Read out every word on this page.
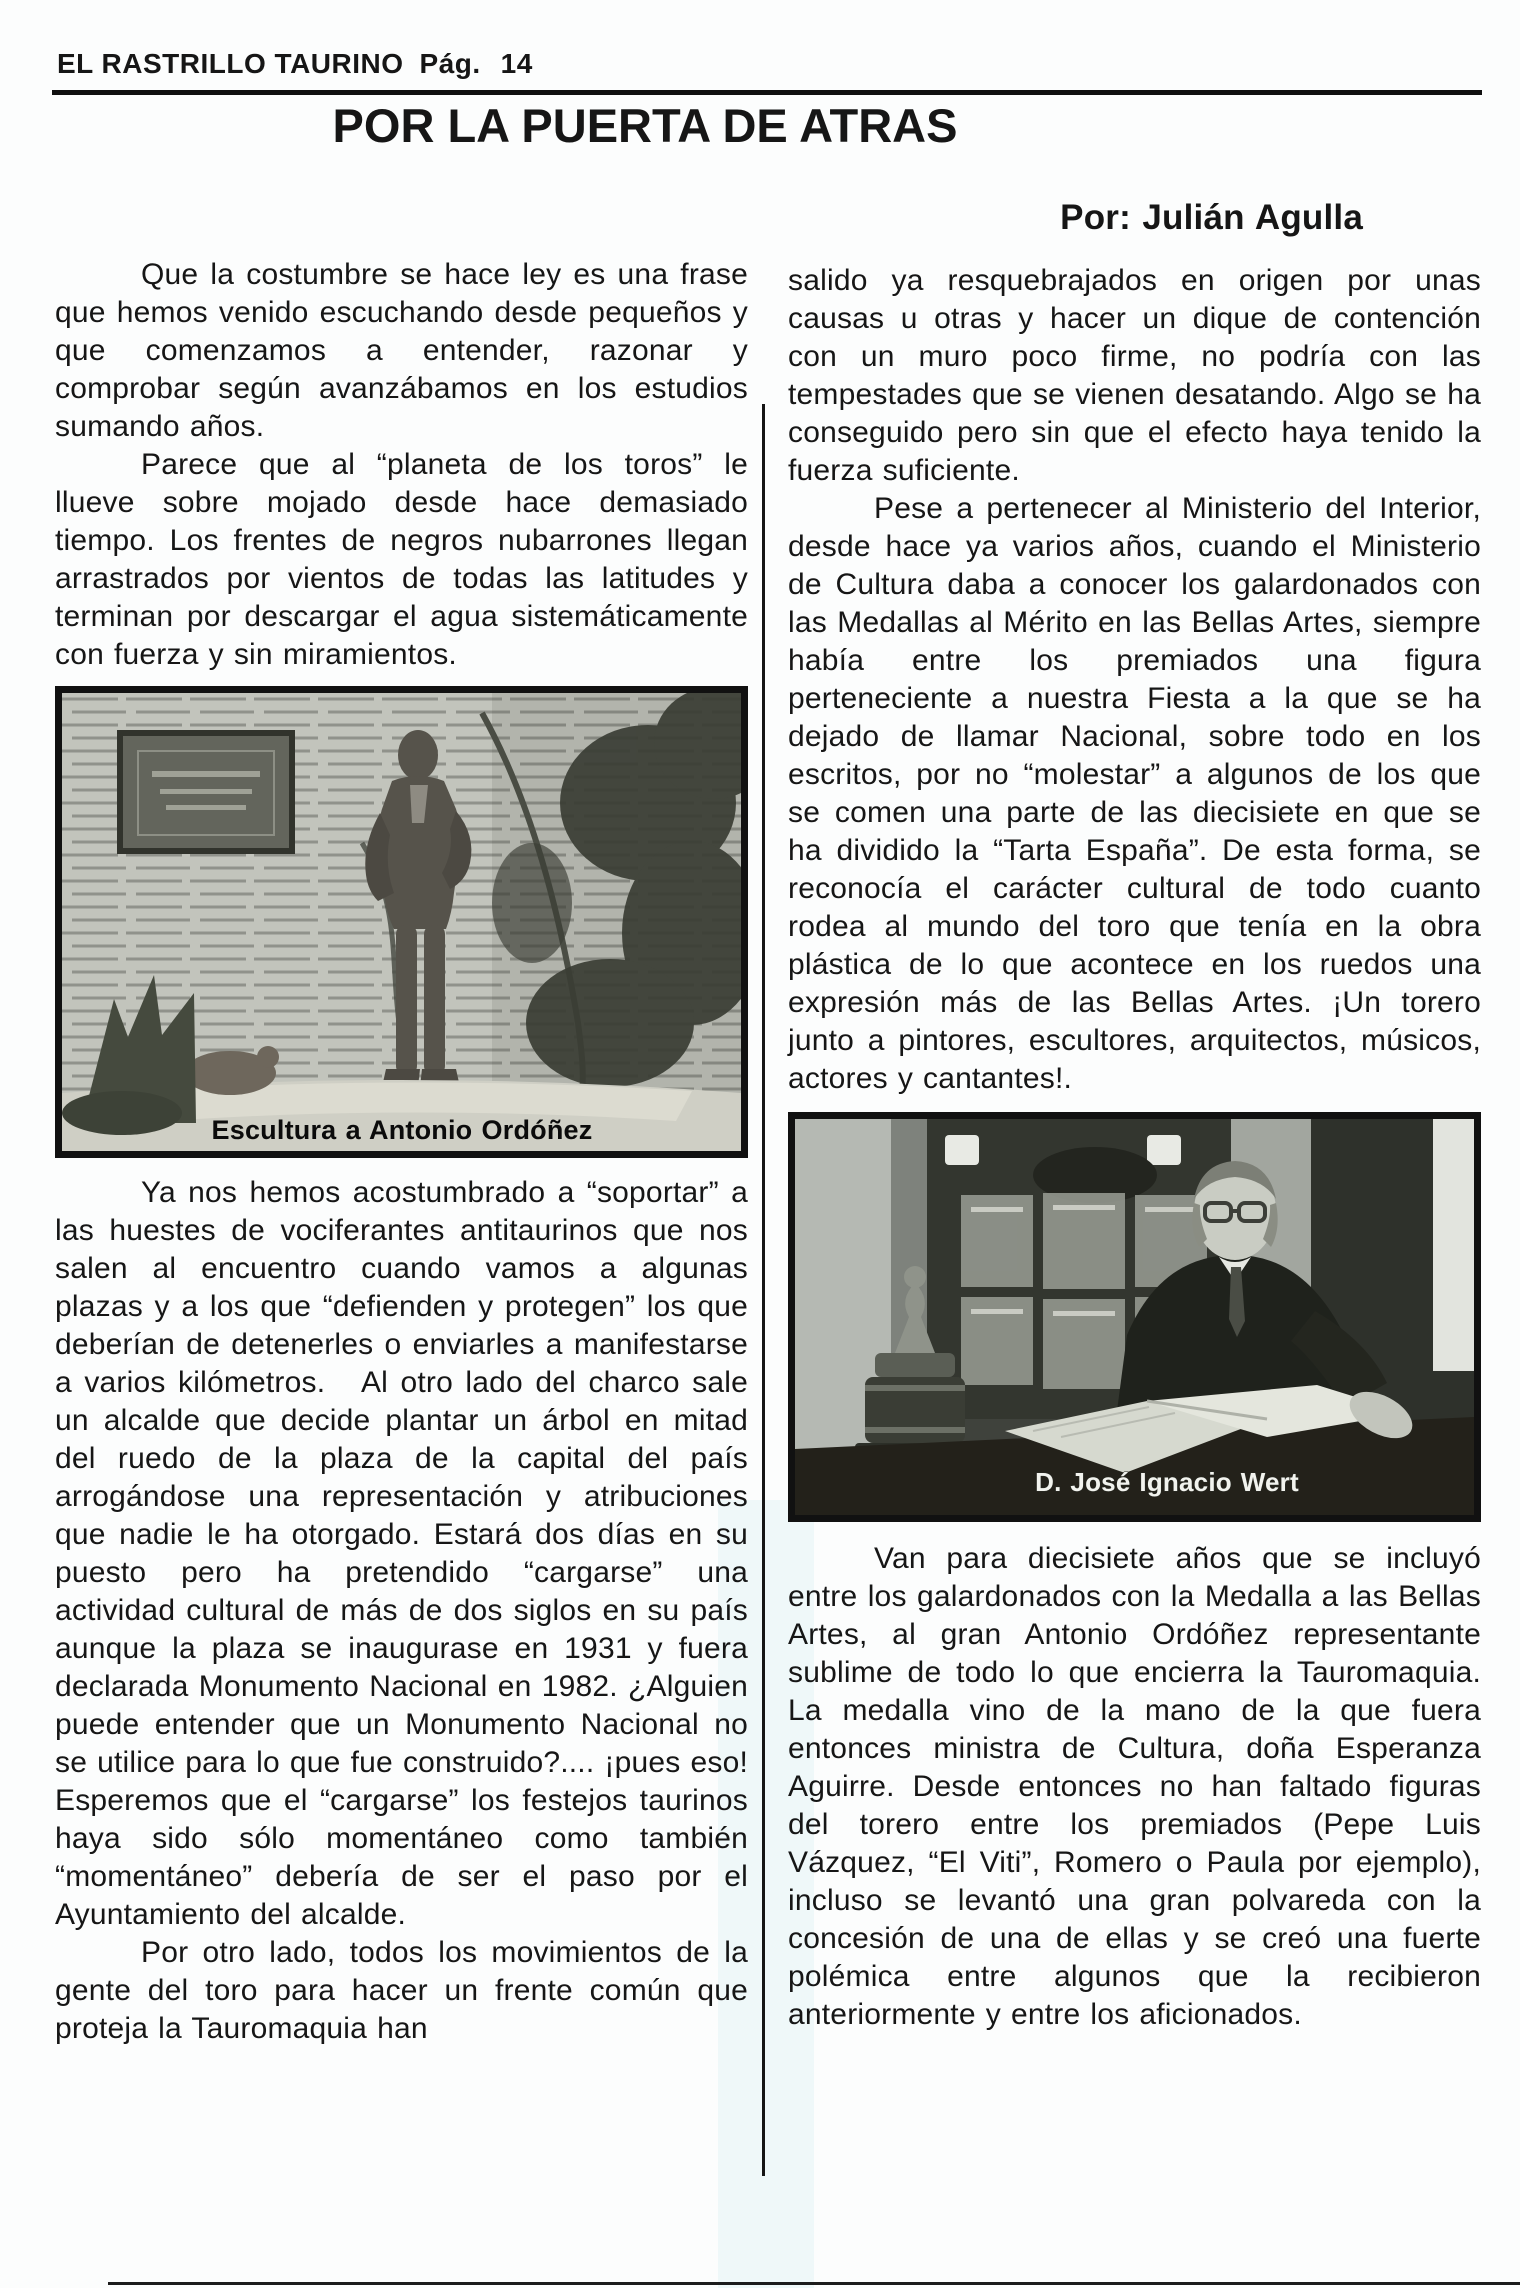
EL RASTRILLO TAURINO Pág. 14
POR LA PUERTA DE ATRAS

Que la costumbre se hace ley es una frase que hemos venido escuchando desde pequeños y que comenzamos a entender, razonar y comprobar según avanzábamos en los estudios sumando años.

Parece que al “planeta de los toros” le llueve sobre mojado desde hace demasiado tiempo. Los frentes de negros nubarrones llegan arrastrados por vientos de todas las latitudes y terminan por descargar el agua sistemáticamente con fuerza y sin miramientos.

Escultura a Antonio Ordóñez

Ya nos hemos acostumbrado a “soportar” a las huestes de vociferantes antitaurinos que nos salen al encuentro cuando vamos a algunas plazas y a los que “defienden y protegen” los que deberían de detenerles o enviarles a manifestarse a varios kilómetros.   Al otro lado del charco sale un alcalde que decide plantar un árbol en mitad del ruedo de la plaza de la capital del país arrogándose una representación y atribuciones que nadie le ha otorgado. Estará dos días en su puesto pero ha pretendido “cargarse” una actividad cultural de más de dos siglos en su país aunque la plaza se inaugurase en 1931 y fuera declarada Monumento Nacional en 1982. ¿Alguien puede entender que un Monumento Nacional no se utilice para lo que fue construido?.... ¡pues eso! Esperemos que el “cargarse” los festejos taurinos haya sido sólo momentáneo como también “momentáneo” debería de ser el paso por el Ayuntamiento del alcalde.

Por otro lado, todos los movimientos de la gente del toro para hacer un frente común que proteja la Tauromaquia han

Por: Julián Agulla

salido ya resquebrajados en origen por unas causas u otras y hacer un dique de contención con un muro poco firme, no podría con las tempestades que se vienen desatando. Algo se ha conseguido pero sin que el efecto haya tenido la fuerza suficiente.

Pese a pertenecer al Ministerio del Interior, desde hace ya varios años, cuando el Ministerio de Cultura daba a conocer los galardonados con las Medallas al Mérito en las Bellas Artes, siempre había entre los premiados una figura perteneciente a nuestra Fiesta a la que se ha dejado de llamar Nacional, sobre todo en los escritos, por no “molestar” a algunos de los que se comen una parte de las diecisiete en que se ha dividido la “Tarta España”. De esta forma, se reconocía el carácter cultural de todo cuanto rodea al mundo del toro que tenía en la obra plástica de lo que acontece en los ruedos una expresión más de las Bellas Artes. ¡Un torero junto a pintores, escultores, arquitectos, músicos, actores y cantantes!.

D. José Ignacio Wert

Van para diecisiete años que se incluyó entre los galardonados con la Medalla a las Bellas Artes, al gran Antonio Ordóñez representante sublime de todo lo que encierra la Tauromaquia. La medalla vino de la mano de la que fuera entonces ministra de Cultura, doña Esperanza Aguirre. Desde entonces no han faltado figuras del torero entre los premiados (Pepe Luis Vázquez, “El Viti”, Romero o Paula por ejemplo), incluso se levantó una gran polvareda con la concesión de una de ellas y se creó una fuerte polémica entre algunos que la recibieron anteriormente y entre los aficionados.
